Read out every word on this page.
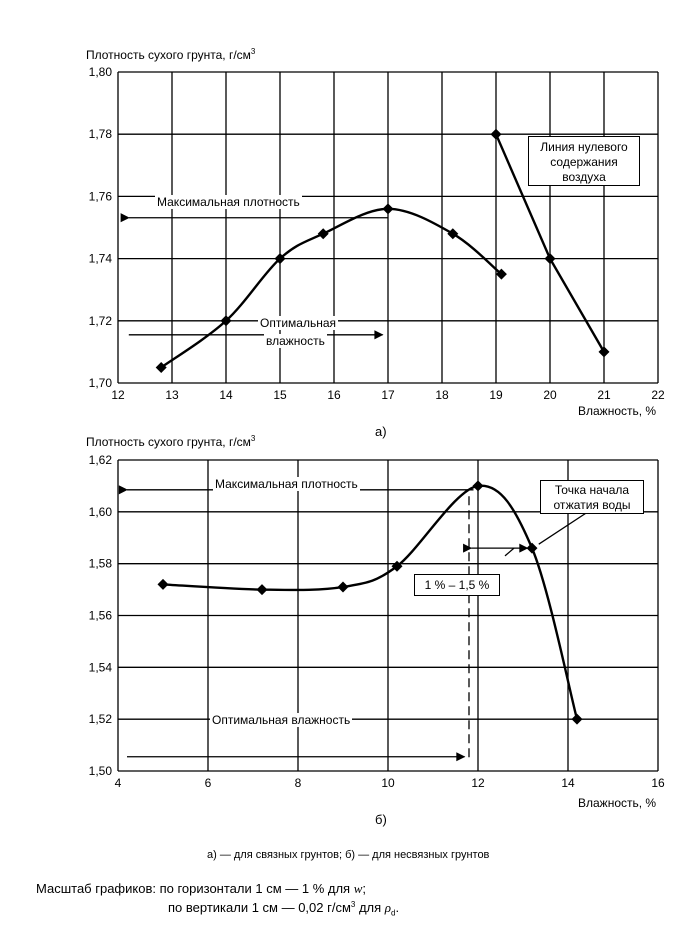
12	13	14	15	16	17	18	19	20	21	22
1,70
1,72
1,74
1,76
1,78
1,80
4	6	8	10	12	14	16
1,50
1,52
1,54
1,56
1,58
1,60
1,62
Плотность сухого грунта, $г/см^3$
Влажность, %
а)
Максимальная плотность
Оптимальная
влажность
Линия нулевого
содержания
воздуха
Плотность сухого грунта, $г/см^3$
Влажность, %
б)
Максимальная плотность
Оптимальная влажность
Точка начала
отжатия воды
1 % – 1,5 %
а) — для связных грунтов; б) — для несвязных грунтов
Масштаб графиков: по горизонтали 1 см — 1 % для w;
по вертикали 1 см — 0,02 $г/см^3$ для $\rho_d$.
